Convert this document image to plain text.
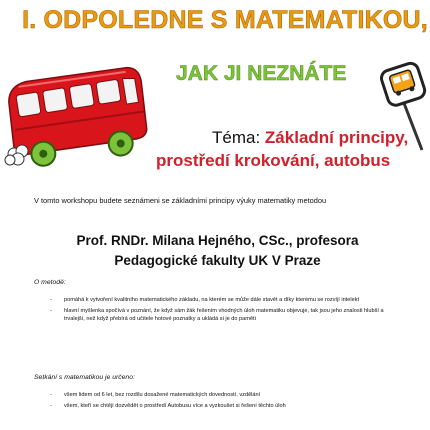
I. ODPOLEDNE S MATEMATIKOU,
JAK JI NEZNÁTE
Téma: Základní principy,
prostředí krokování, autobus
V tomto workshopu budete seznámeni se základními principy výuky matematiky metodou
Prof. RNDr. Milana Hejného, CSc., profesora
Pedagogické fakulty UK V Praze
O metodě:
- pomáhá k vytvoření kvalitního matematického základu, na kterém se může dále stavět a díky kterému se rozvíjí intelekt
- hlavní myšlenka spočívá v poznání, že když sám žák řešením vhodných úloh matematiku objevuje, tak jsou jeho znalosti hlubší a trvalejší, než když přebírá od učitele hotové poznatky a ukládá si je do paměti
Setkání s matematikou je určeno:
- všem lidem od 6 let, bez rozdílu dosažené matematických dovedností, vzdělání
- všem, kteří se chtějí dozvědět o prostředí Autobusu více a vyzkoušet si řešení těchto úloh
